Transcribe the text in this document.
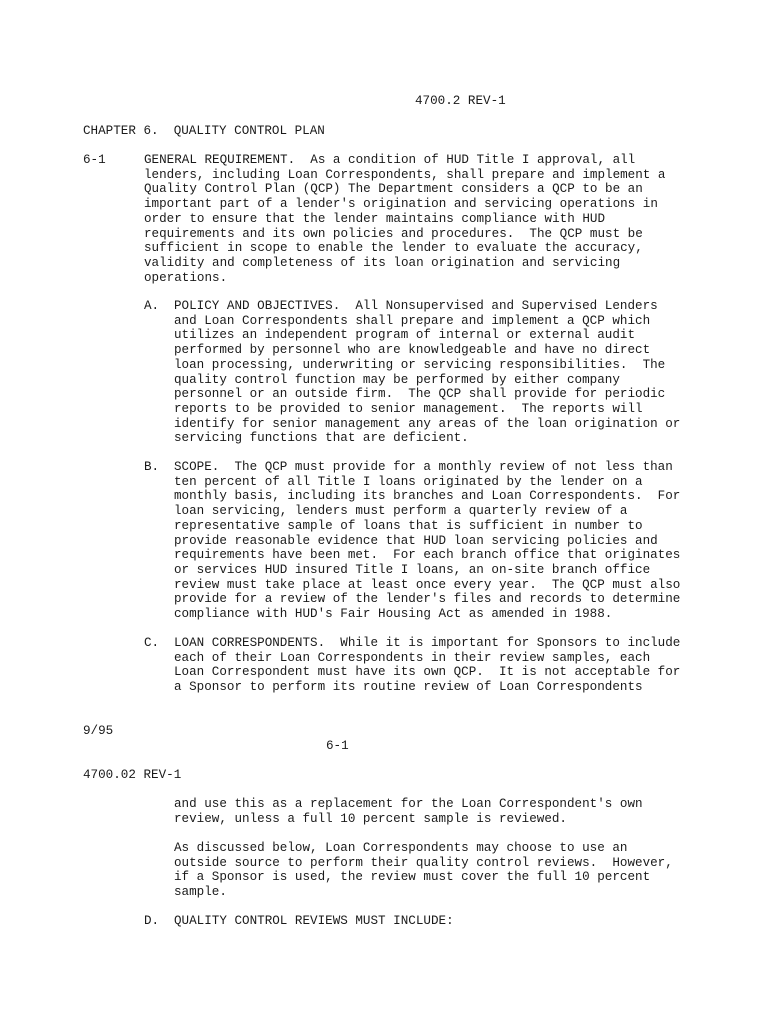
4700.2 REV-1
CHAPTER 6.  QUALITY CONTROL PLAN
6-1	GENERAL REQUIREMENT.  As a condition of HUD Title I approval, all
lenders, including Loan Correspondents, shall prepare and implement a
Quality Control Plan (QCP) The Department considers a QCP to be an
important part of a lender's origination and servicing operations in
order to ensure that the lender maintains compliance with HUD
requirements and its own policies and procedures.  The QCP must be
sufficient in scope to enable the lender to evaluate the accuracy,
validity and completeness of its loan origination and servicing
operations.
A. POLICY AND OBJECTIVES.  All Nonsupervised and Supervised Lenders
and Loan Correspondents shall prepare and implement a QCP which
utilizes an independent program of internal or external audit
performed by personnel who are knowledgeable and have no direct
loan processing, underwriting or servicing responsibilities.  The
quality control function may be performed by either company
personnel or an outside firm.  The QCP shall provide for periodic
reports to be provided to senior management.  The reports will
identify for senior management any areas of the loan origination or
servicing functions that are deficient.
B. SCOPE.  The QCP must provide for a monthly review of not less than
ten percent of all Title I loans originated by the lender on a
monthly basis, including its branches and Loan Correspondents.  For
loan servicing, lenders must perform a quarterly review of a
representative sample of loans that is sufficient in number to
provide reasonable evidence that HUD loan servicing policies and
requirements have been met.  For each branch office that originates
or services HUD insured Title I loans, an on-site branch office
review must take place at least once every year.  The QCP must also
provide for a review of the lender's files and records to determine
compliance with HUD's Fair Housing Act as amended in 1988.
C. LOAN CORRESPONDENTS.  While it is important for Sponsors to include
each of their Loan Correspondents in their review samples, each
Loan Correspondent must have its own QCP.  It is not acceptable for
a Sponsor to perform its routine review of Loan Correspondents
9/95
6-1
4700.02 REV-1
and use this as a replacement for the Loan Correspondent's own
review, unless a full 10 percent sample is reviewed.
As discussed below, Loan Correspondents may choose to use an
outside source to perform their quality control reviews.  However,
if a Sponsor is used, the review must cover the full 10 percent
sample.
D. QUALITY CONTROL REVIEWS MUST INCLUDE:
